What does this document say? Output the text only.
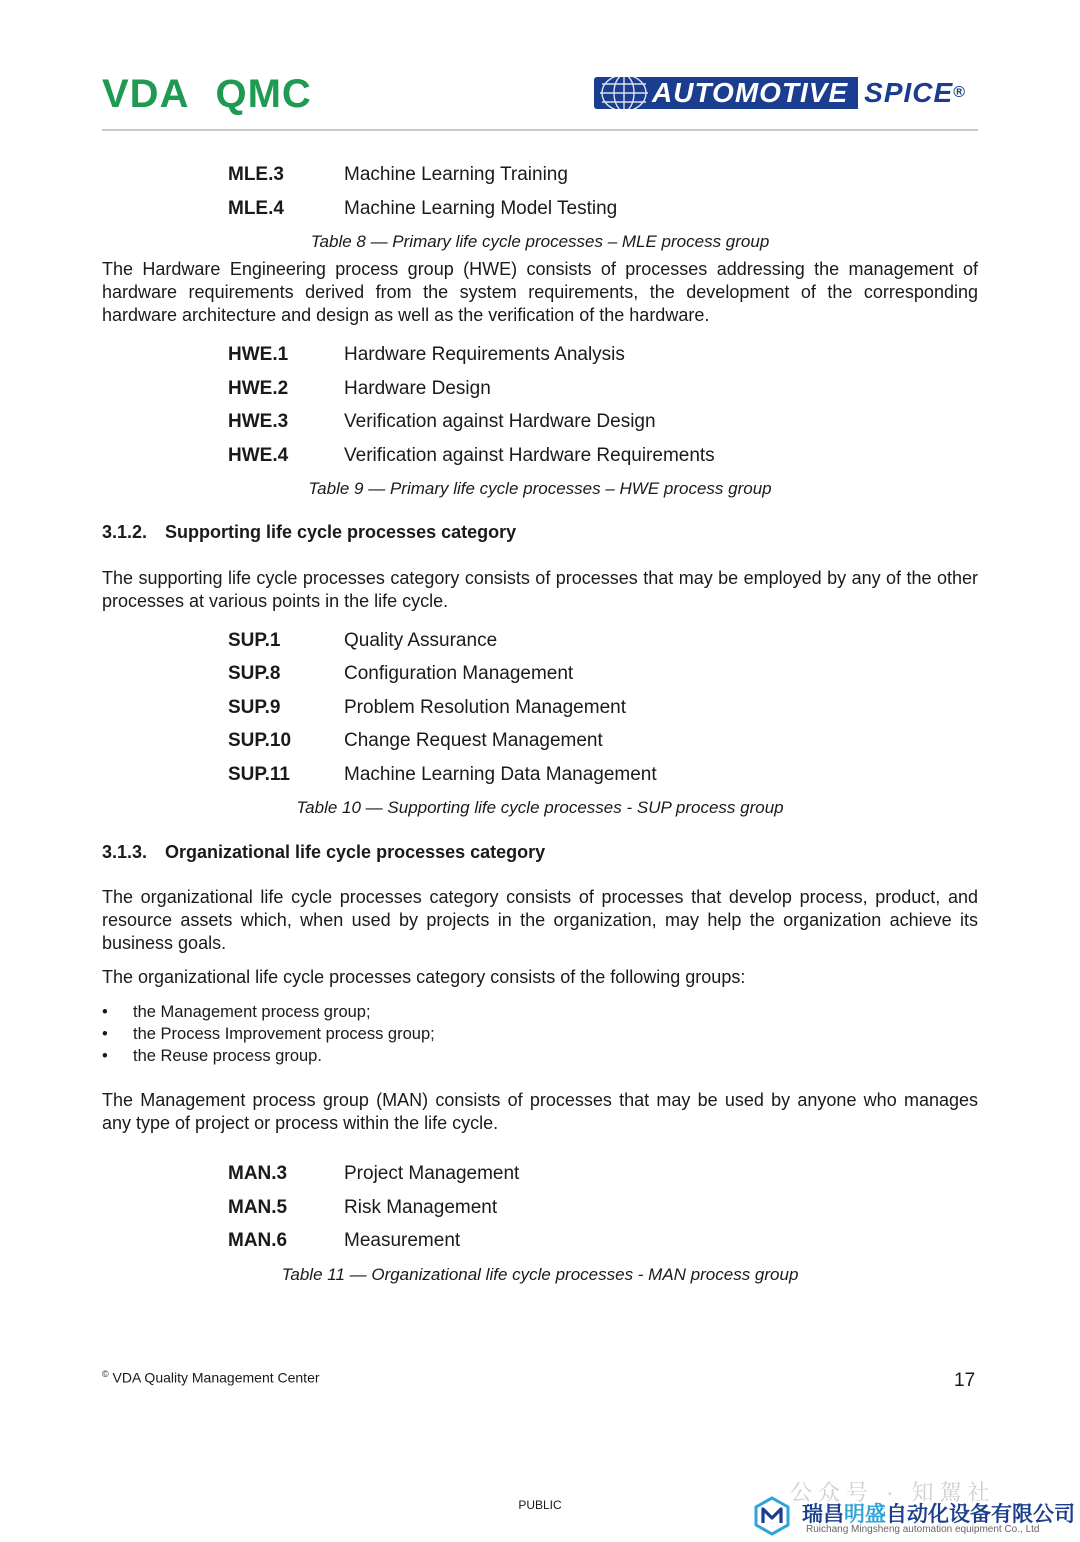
VDA QMC	AUTOMOTIVE SPICE ®
MLE.3	Machine Learning Training
MLE.4	Machine Learning Model Testing
Table 8 — Primary life cycle processes – MLE process group
The Hardware Engineering process group (HWE) consists of processes addressing the management of hardware requirements derived from the system requirements, the development of the corresponding hardware architecture and design as well as the verification of the hardware.
HWE.1	Hardware Requirements Analysis
HWE.2	Hardware Design
HWE.3	Verification against Hardware Design
HWE.4	Verification against Hardware Requirements
Table 9 — Primary life cycle processes – HWE process group
3.1.2. Supporting life cycle processes category
The supporting life cycle processes category consists of processes that may be employed by any of the other processes at various points in the life cycle.
SUP.1	Quality Assurance
SUP.8	Configuration Management
SUP.9	Problem Resolution Management
SUP.10	Change Request Management
SUP.11	Machine Learning Data Management
Table 10 — Supporting life cycle processes - SUP process group
3.1.3. Organizational life cycle processes category
The organizational life cycle processes category consists of processes that develop process, product, and resource assets which, when used by projects in the organization, may help the organization achieve its business goals.
The organizational life cycle processes category consists of the following groups:
• the Management process group;
• the Process Improvement process group;
• the Reuse process group.
The Management process group (MAN) consists of processes that may be used by anyone who manages any type of project or process within the life cycle.
MAN.3	Project Management
MAN.5	Risk Management
MAN.6	Measurement
Table 11 — Organizational life cycle processes - MAN process group
© VDA Quality Management Center	17
PUBLIC	公众号 · 知駕社
瑞昌明盛自动化设备有限公司
Ruichang Mingsheng automation equipment Co., Ltd
